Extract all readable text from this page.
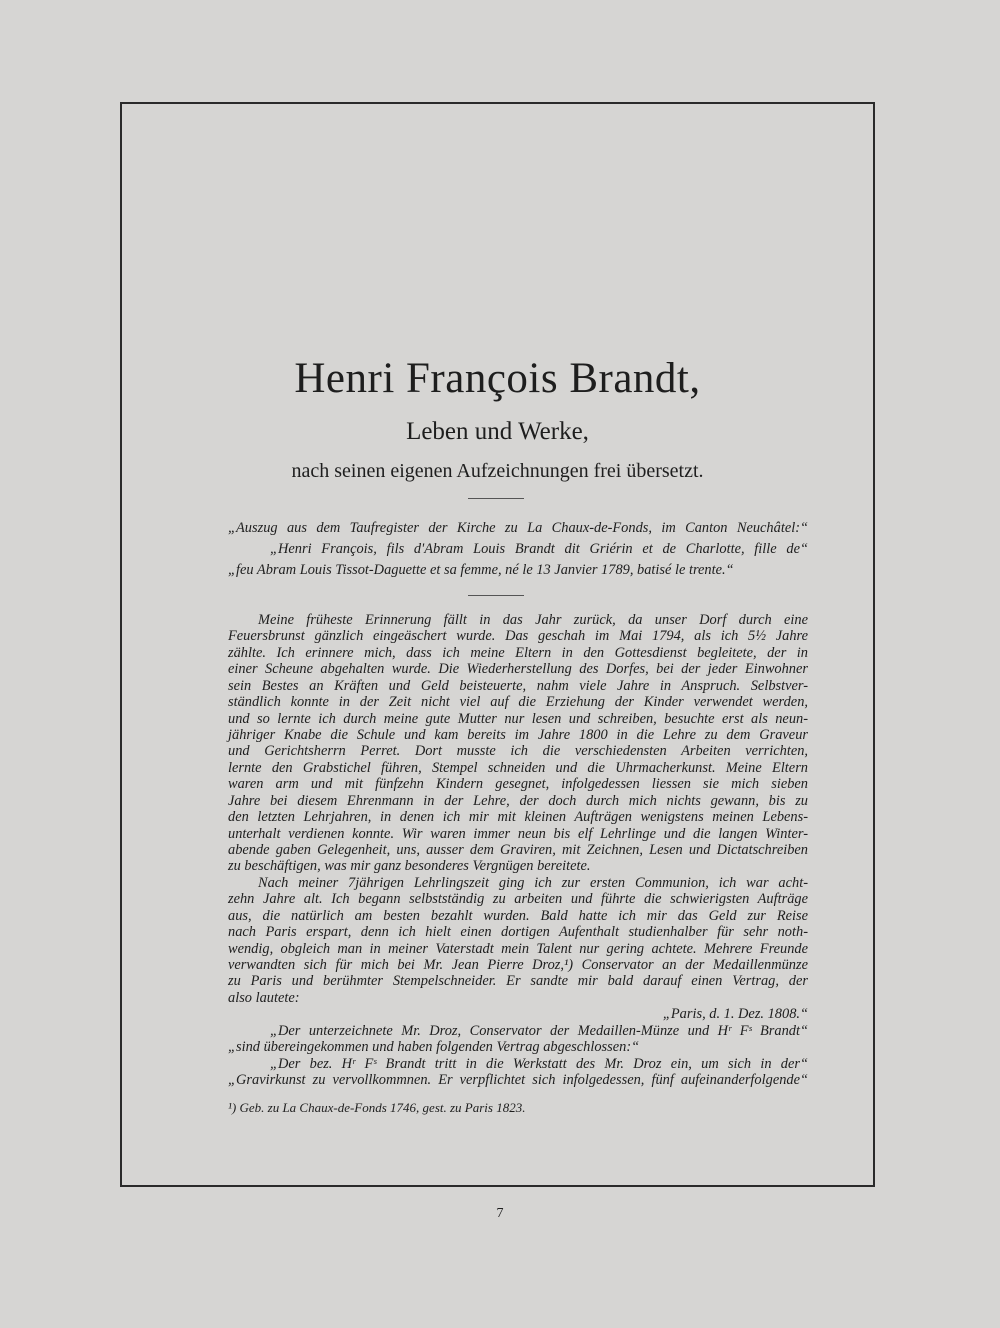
Henri François Brandt,
Leben und Werke,
nach seinen eigenen Aufzeichnungen frei übersetzt.
„Auszug aus dem Taufregister der Kirche zu La Chaux-de-Fonds, im Canton Neuchâtel:“
„Henri François, fils d'Abram Louis Brandt dit Griérin et de Charlotte, fille de“
„feu Abram Louis Tissot-Daguette et sa femme, né le 13 Janvier 1789, batisé le trente.“
Meine früheste Erinnerung fällt in das Jahr zurück, da unser Dorf durch eine
Feuersbrunst gänzlich eingeäschert wurde. Das geschah im Mai 1794, als ich 5½ Jahre
zählte. Ich erinnere mich, dass ich meine Eltern in den Gottesdienst begleitete, der in
einer Scheune abgehalten wurde. Die Wiederherstellung des Dorfes, bei der jeder Einwohner
sein Bestes an Kräften und Geld beisteuerte, nahm viele Jahre in Anspruch. Selbstver-
ständlich konnte in der Zeit nicht viel auf die Erziehung der Kinder verwendet werden,
und so lernte ich durch meine gute Mutter nur lesen und schreiben, besuchte erst als neun-
jähriger Knabe die Schule und kam bereits im Jahre 1800 in die Lehre zu dem Graveur
und Gerichtsherrn Perret. Dort musste ich die verschiedensten Arbeiten verrichten,
lernte den Grabstichel führen, Stempel schneiden und die Uhrmacherkunst. Meine Eltern
waren arm und mit fünfzehn Kindern gesegnet, infolgedessen liessen sie mich sieben
Jahre bei diesem Ehrenmann in der Lehre, der doch durch mich nichts gewann, bis zu
den letzten Lehrjahren, in denen ich mir mit kleinen Aufträgen wenigstens meinen Lebens-
unterhalt verdienen konnte. Wir waren immer neun bis elf Lehrlinge und die langen Winter-
abende gaben Gelegenheit, uns, ausser dem Graviren, mit Zeichnen, Lesen und Dictatschreiben
zu beschäftigen, was mir ganz besonderes Vergnügen bereitete.
Nach meiner 7jährigen Lehrlingszeit ging ich zur ersten Communion, ich war acht-
zehn Jahre alt. Ich begann selbstständig zu arbeiten und führte die schwierigsten Aufträge
aus, die natürlich am besten bezahlt wurden. Bald hatte ich mir das Geld zur Reise
nach Paris erspart, denn ich hielt einen dortigen Aufenthalt studienhalber für sehr noth-
wendig, obgleich man in meiner Vaterstadt mein Talent nur gering achtete. Mehrere Freunde
verwandten sich für mich bei Mr. Jean Pierre Droz,¹) Conservator an der Medaillenmünze
zu Paris und berühmter Stempelschneider. Er sandte mir bald darauf einen Vertrag, der
also lautete:
„Paris, d. 1. Dez. 1808.“
„Der unterzeichnete Mr. Droz, Conservator der Medaillen-Münze und Hʳ Fˢ Brandt“
„sind übereingekommen und haben folgenden Vertrag abgeschlossen:“
„Der bez. Hʳ Fˢ Brandt tritt in die Werkstatt des Mr. Droz ein, um sich in der“
„Gravirkunst zu vervollkommnen. Er verpflichtet sich infolgedessen, fünf aufeinanderfolgende“
¹) Geb. zu La Chaux-de-Fonds 1746, gest. zu Paris 1823.
7
